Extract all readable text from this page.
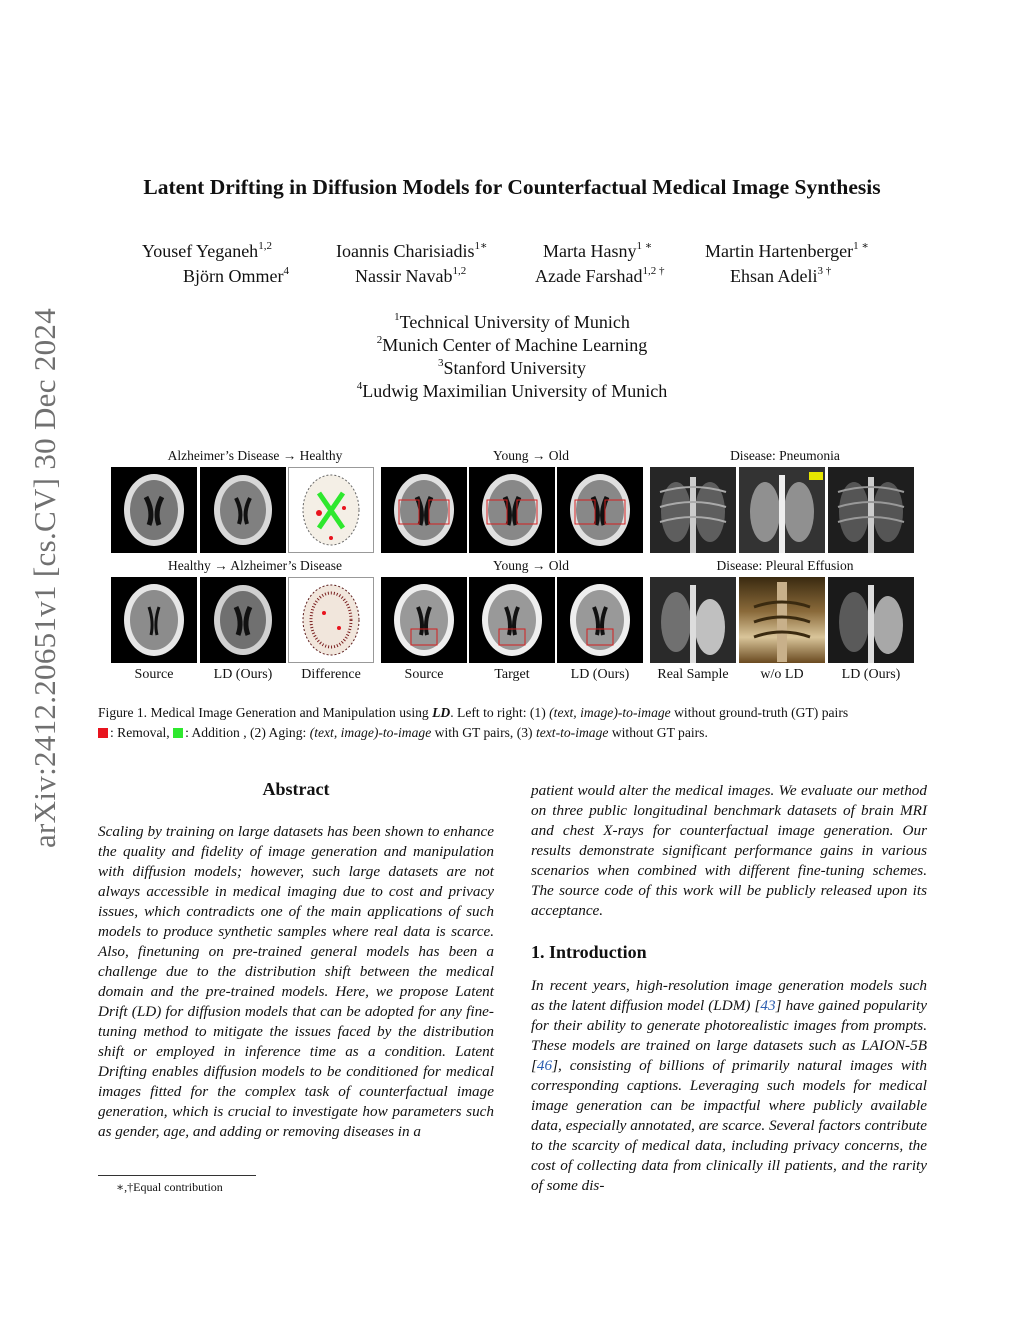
arXiv:2412.20651v1 [cs.CV] 30 Dec 2024
Latent Drifting in Diffusion Models for Counterfactual Medical Image Synthesis
Yousef Yeganeh$^{1,2}$	Ioannis Charisiadis$^{1∗}$	Marta Hasny$^{1 ∗}$	Martin Hartenberger$^{1 ∗}$
Björn Ommer$^4$	Nassir Navab$^{1,2}$	Azade Farshad$^{1,2 \dagger}$	Ehsan Adeli$^{3 \dagger}$
$^1$Technical University of Munich
$^2$Munich Center of Machine Learning
$^3$Stanford University
$^4$Ludwig Maximilian University of Munich
Alzheimer’s Disease → Healthy	Young → Old	Disease: Pneumonia
Healthy → Alzheimer’s Disease	Young → Old	Disease: Pleural Effusion
Source	LD (Ours)	Difference	Source	Target	LD (Ours)	Real Sample	w/o LD	LD (Ours)
Figure 1. Medical Image Generation and Manipulation using LD. Left to right: (1) (text, image)-to-image without ground-truth (GT) pairs
: Removal, : Addition , (2) Aging: (text, image)-to-image with GT pairs, (3) text-to-image without GT pairs.
Abstract
Scaling by training on large datasets has been shown to enhance the quality and fidelity of image generation and manipulation with diffusion models; however, such large datasets are not always accessible in medical imaging due to cost and privacy issues, which contradicts one of the main applications of such models to produce synthetic samples where real data is scarce. Also, finetuning on pre-trained general models has been a challenge due to the distribution shift between the medical domain and the pre-trained models. Here, we propose Latent Drift (LD) for diffusion models that can be adopted for any fine-tuning method to mitigate the issues faced by the distribution shift or employed in inference time as a condition. Latent Drifting enables diffusion models to be conditioned for medical images fitted for the complex task of counterfactual image generation, which is crucial to investigate how parameters such as gender, age, and adding or removing diseases in a
patient would alter the medical images. We evaluate our method on three public longitudinal benchmark datasets of brain MRI and chest X-rays for counterfactual image generation. Our results demonstrate significant performance gains in various scenarios when combined with different fine-tuning schemes. The source code of this work will be publicly released upon its acceptance.
1. Introduction
In recent years, high-resolution image generation models such as the latent diffusion model (LDM) [43] have gained popularity for their ability to generate photorealistic images from prompts. These models are trained on large datasets such as LAION-5B [46], consisting of billions of primarily natural images with corresponding captions. Leveraging such models for medical image generation can be impactful where publicly available data, especially annotated, are scarce. Several factors contribute to the scarcity of medical data, including privacy concerns, the cost of collecting data from clinically ill patients, and the rarity of some dis-
∗,†Equal contribution
